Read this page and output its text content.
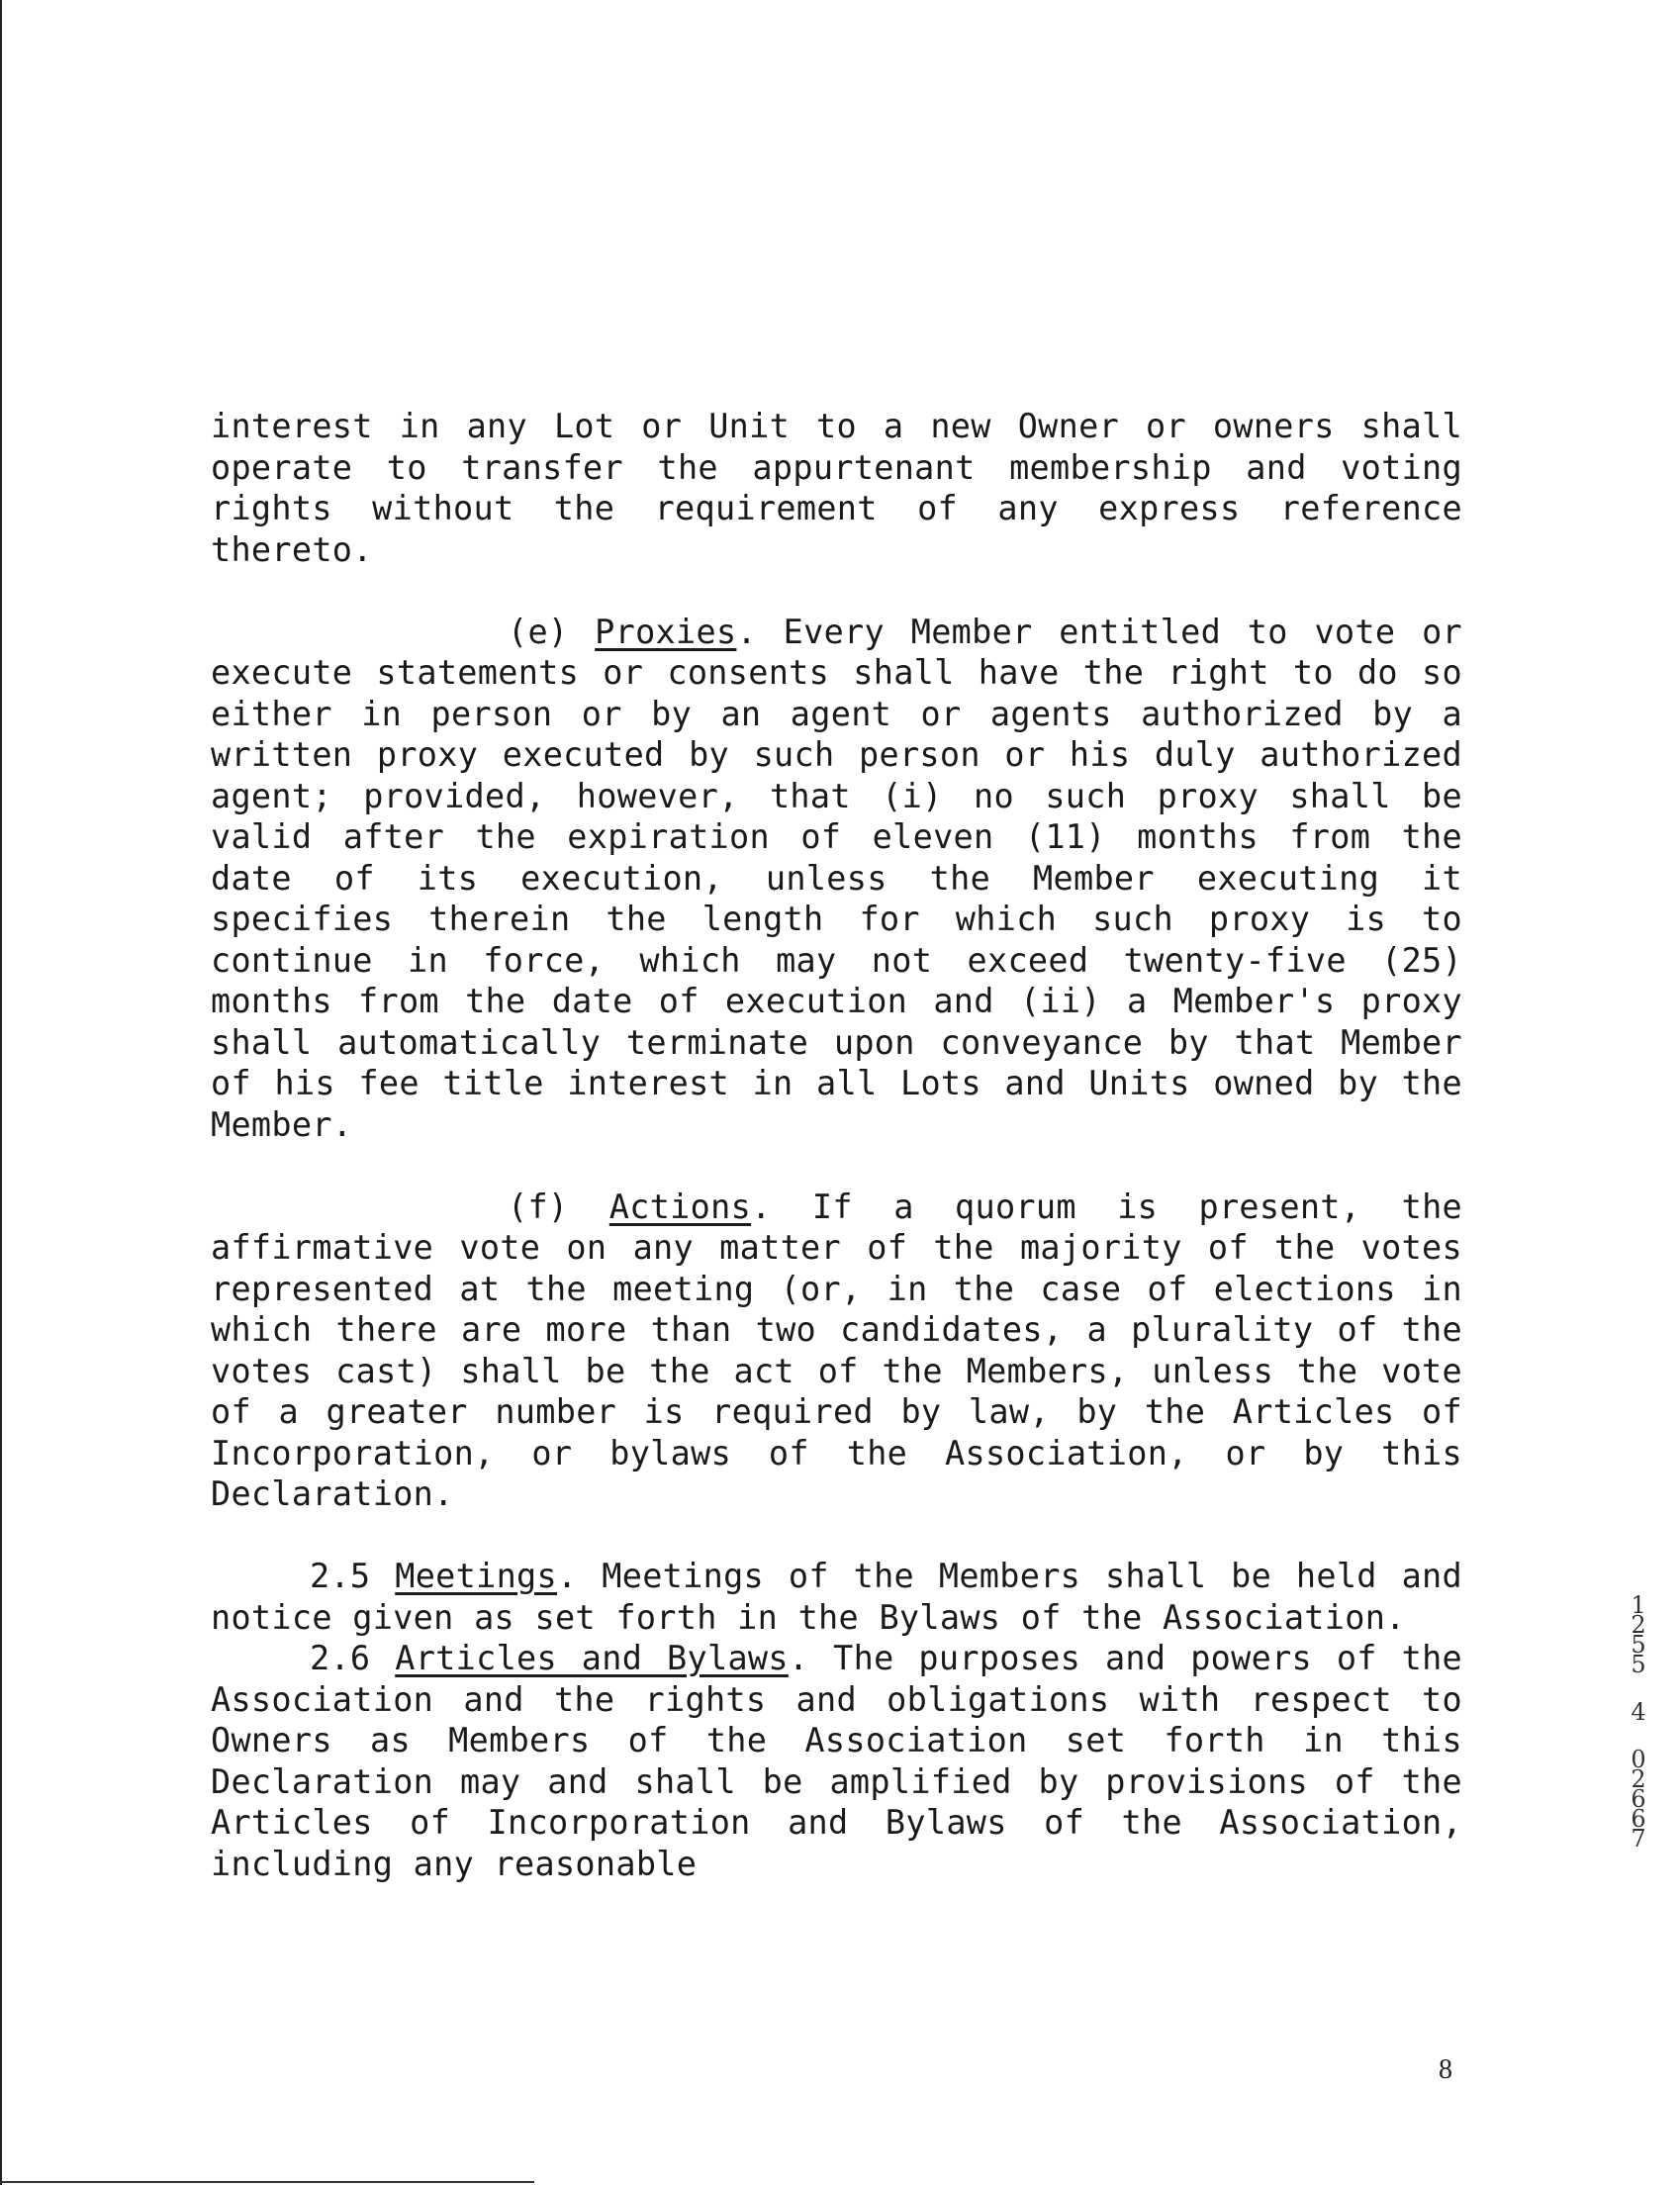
interest in any Lot or Unit to a new Owner or owners shall operate to transfer the appurtenant membership and voting rights without the requirement of any express reference thereto.

(e) Proxies. Every Member entitled to vote or execute statements or consents shall have the right to do so either in person or by an agent or agents authorized by a written proxy executed by such person or his duly authorized agent; provided, however, that (i) no such proxy shall be valid after the expiration of eleven (11) months from the date of its execution, unless the Member executing it specifies therein the length for which such proxy is to continue in force, which may not exceed twenty-five (25) months from the date of execution and (ii) a Member's proxy shall automatically terminate upon conveyance by that Member of his fee title interest in all Lots and Units owned by the Member.

(f) Actions. If a quorum is present, the affirmative vote on any matter of the majority of the votes represented at the meeting (or, in the case of elections in which there are more than two candidates, a plurality of the votes cast) shall be the act of the Members, unless the vote of a greater number is required by law, by the Articles of Incorporation, or bylaws of the Association, or by this Declaration.

2.5 Meetings. Meetings of the Members shall be held and notice given as set forth in the Bylaws of the Association.

2.6 Articles and Bylaws. The purposes and powers of the Association and the rights and obligations with respect to Owners as Members of the Association set forth in this Declaration may and shall be amplified by provisions of the Articles of Incorporation and Bylaws of the Association, including any reasonable

1255
4
02667
8
